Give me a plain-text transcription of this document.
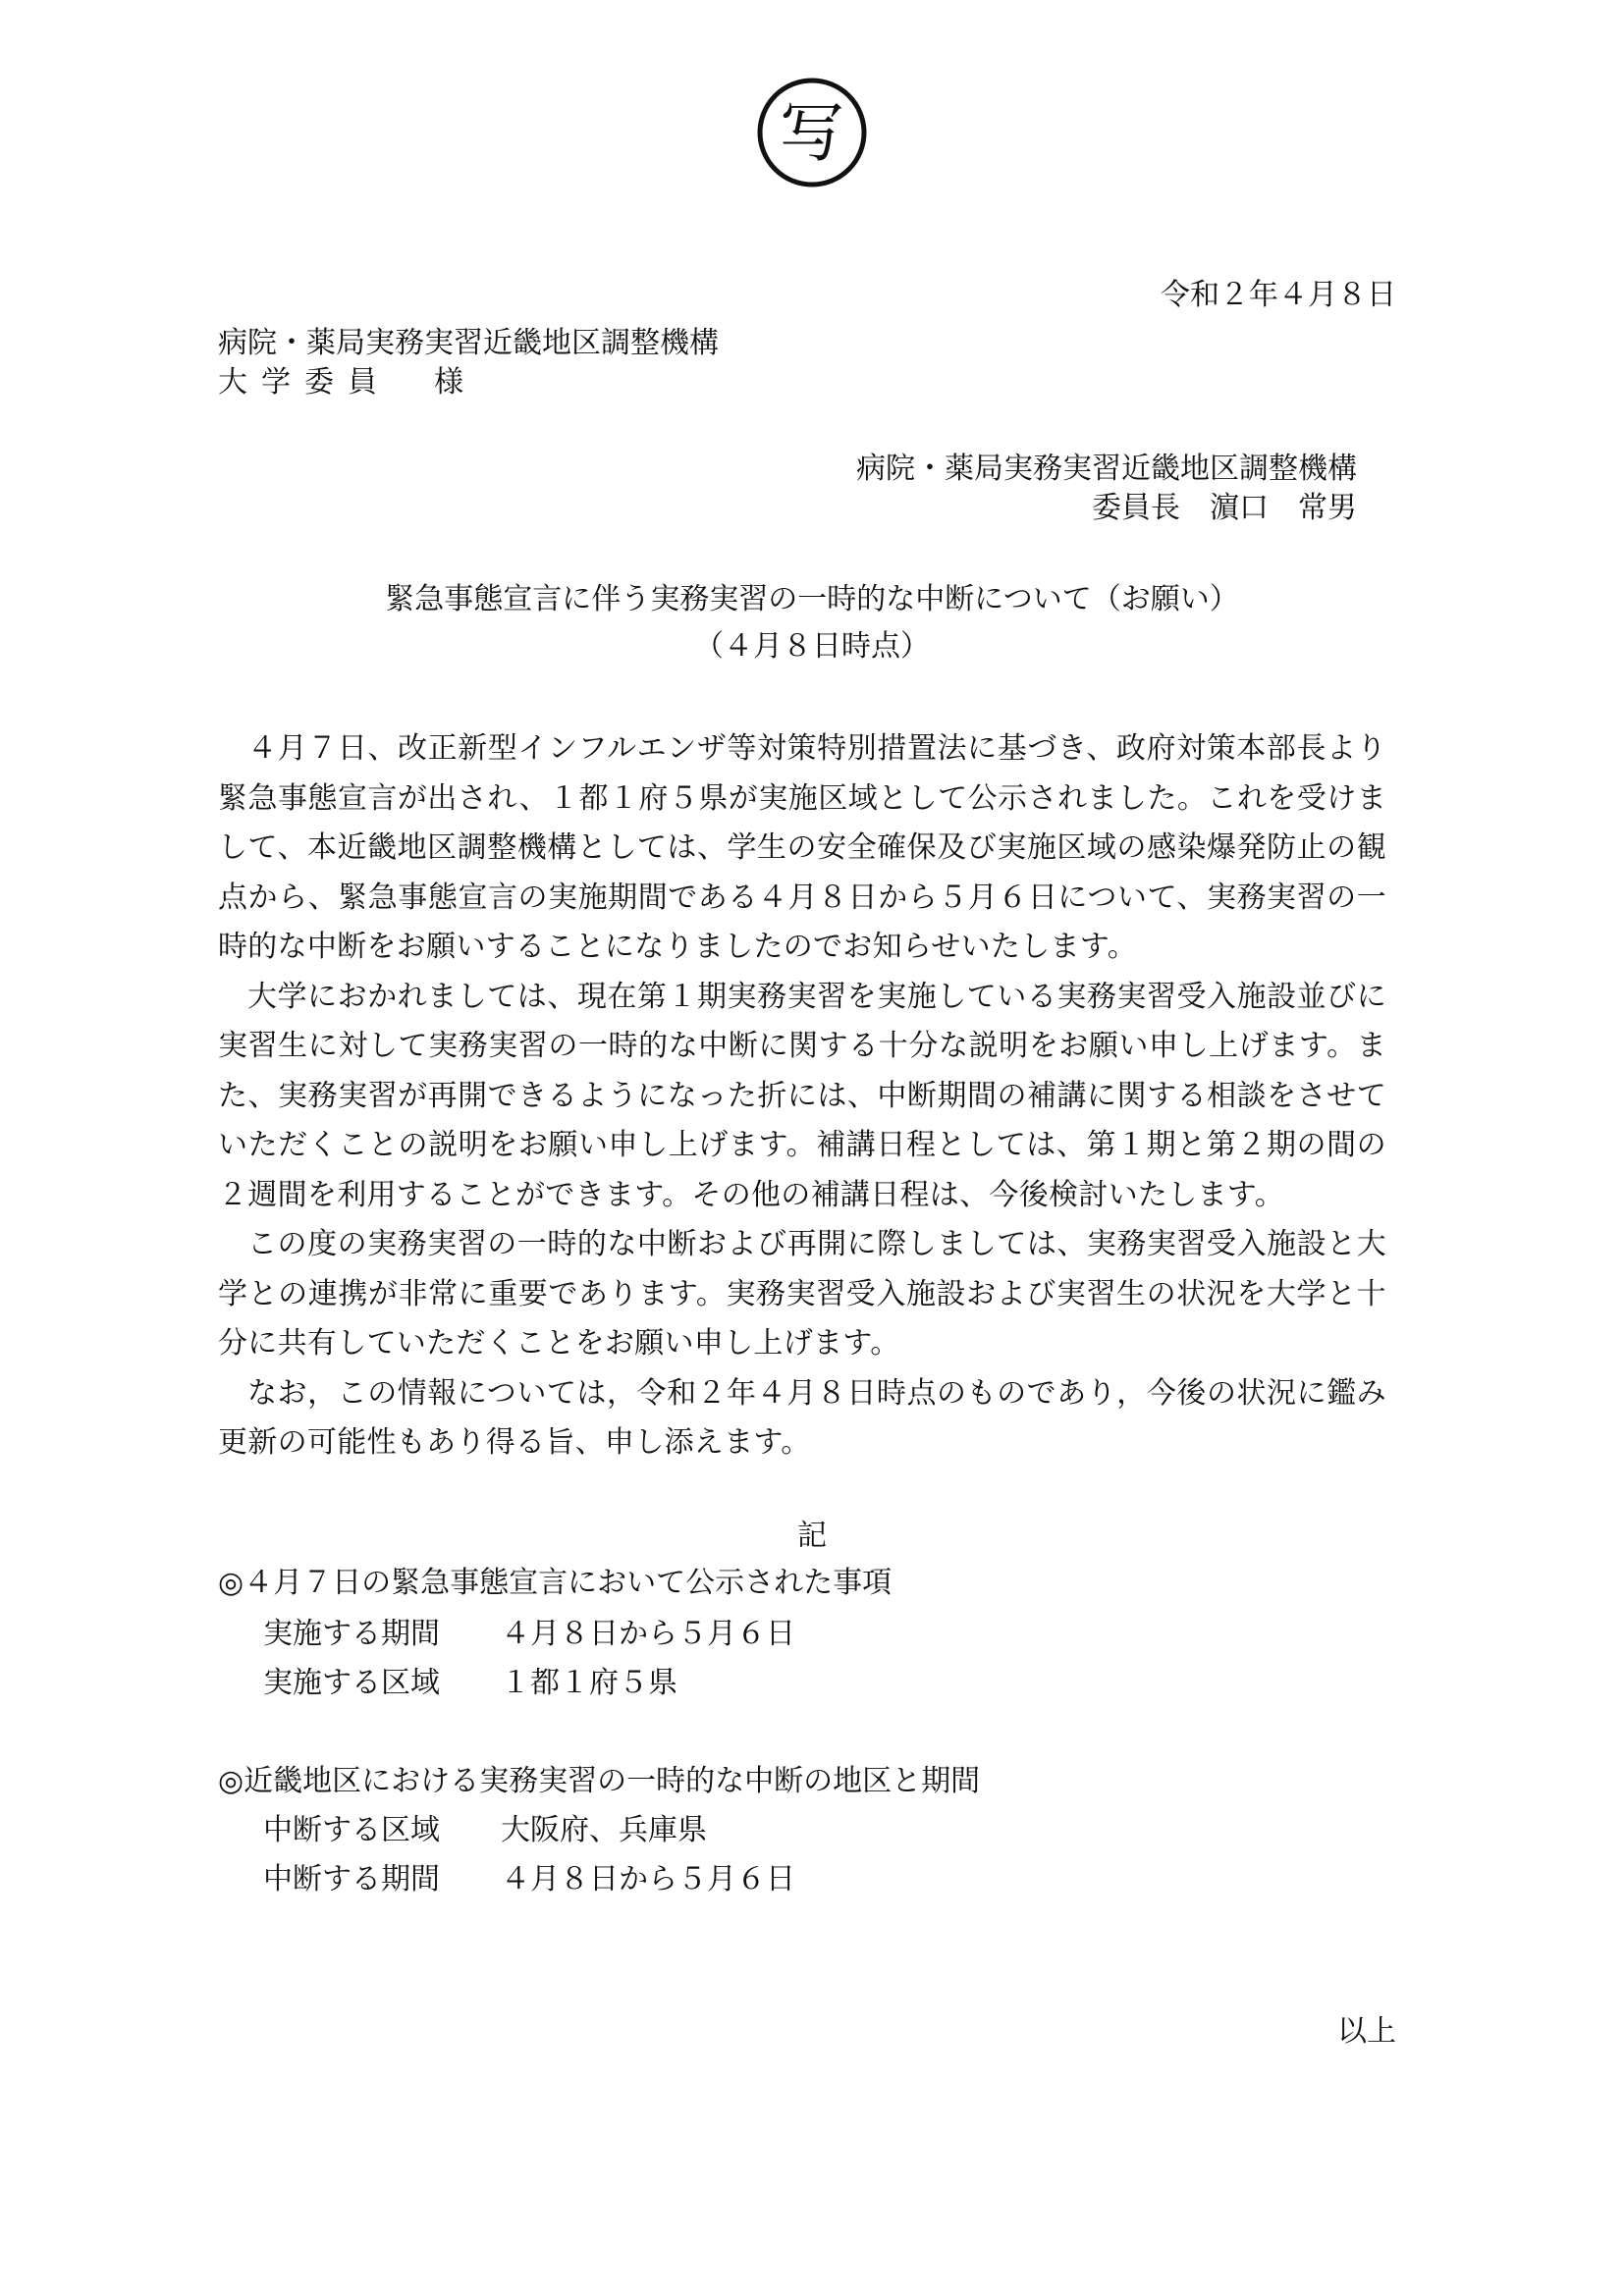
写
令和２年４月８日
病院・薬局実務実習近畿地区調整機構
大学委員　様
病院・薬局実務実習近畿地区調整機構
委員長　濵口　常男
緊急事態宣言に伴う実務実習の一時的な中断について（お願い）
（４月８日時点）

４月７日、改正新型インフルエンザ等対策特別措置法に基づき、政府対策本部長より緊急事態宣言が出され、１都１府５県が実施区域として公示されました。これを受けまして、本近畿地区調整機構としては、学生の安全確保及び実施区域の感染爆発防止の観点から、緊急事態宣言の実施期間である４月８日から５月６日について、実務実習の一時的な中断をお願いすることになりましたのでお知らせいたします。

大学におかれましては、現在第１期実務実習を実施している実務実習受入施設並びに実習生に対して実務実習の一時的な中断に関する十分な説明をお願い申し上げます。また、実務実習が再開できるようになった折には、中断期間の補講に関する相談をさせていただくことの説明をお願い申し上げます。補講日程としては、第１期と第２期の間の２週間を利用することができます。その他の補講日程は、今後検討いたします。

この度の実務実習の一時的な中断および再開に際しましては、実務実習受入施設と大学との連携が非常に重要であります。実務実習受入施設および実習生の状況を大学と十分に共有していただくことをお願い申し上げます。

なお，この情報については，令和２年４月８日時点のものであり，今後の状況に鑑み更新の可能性もあり得る旨、申し添えます。

記
◎４月７日の緊急事態宣言において公示された事項
実施する期間 ４月８日から５月６日
実施する区域 １都１府５県
◎近畿地区における実務実習の一時的な中断の地区と期間
中断する区域 大阪府、兵庫県
中断する期間 ４月８日から５月６日
以上
